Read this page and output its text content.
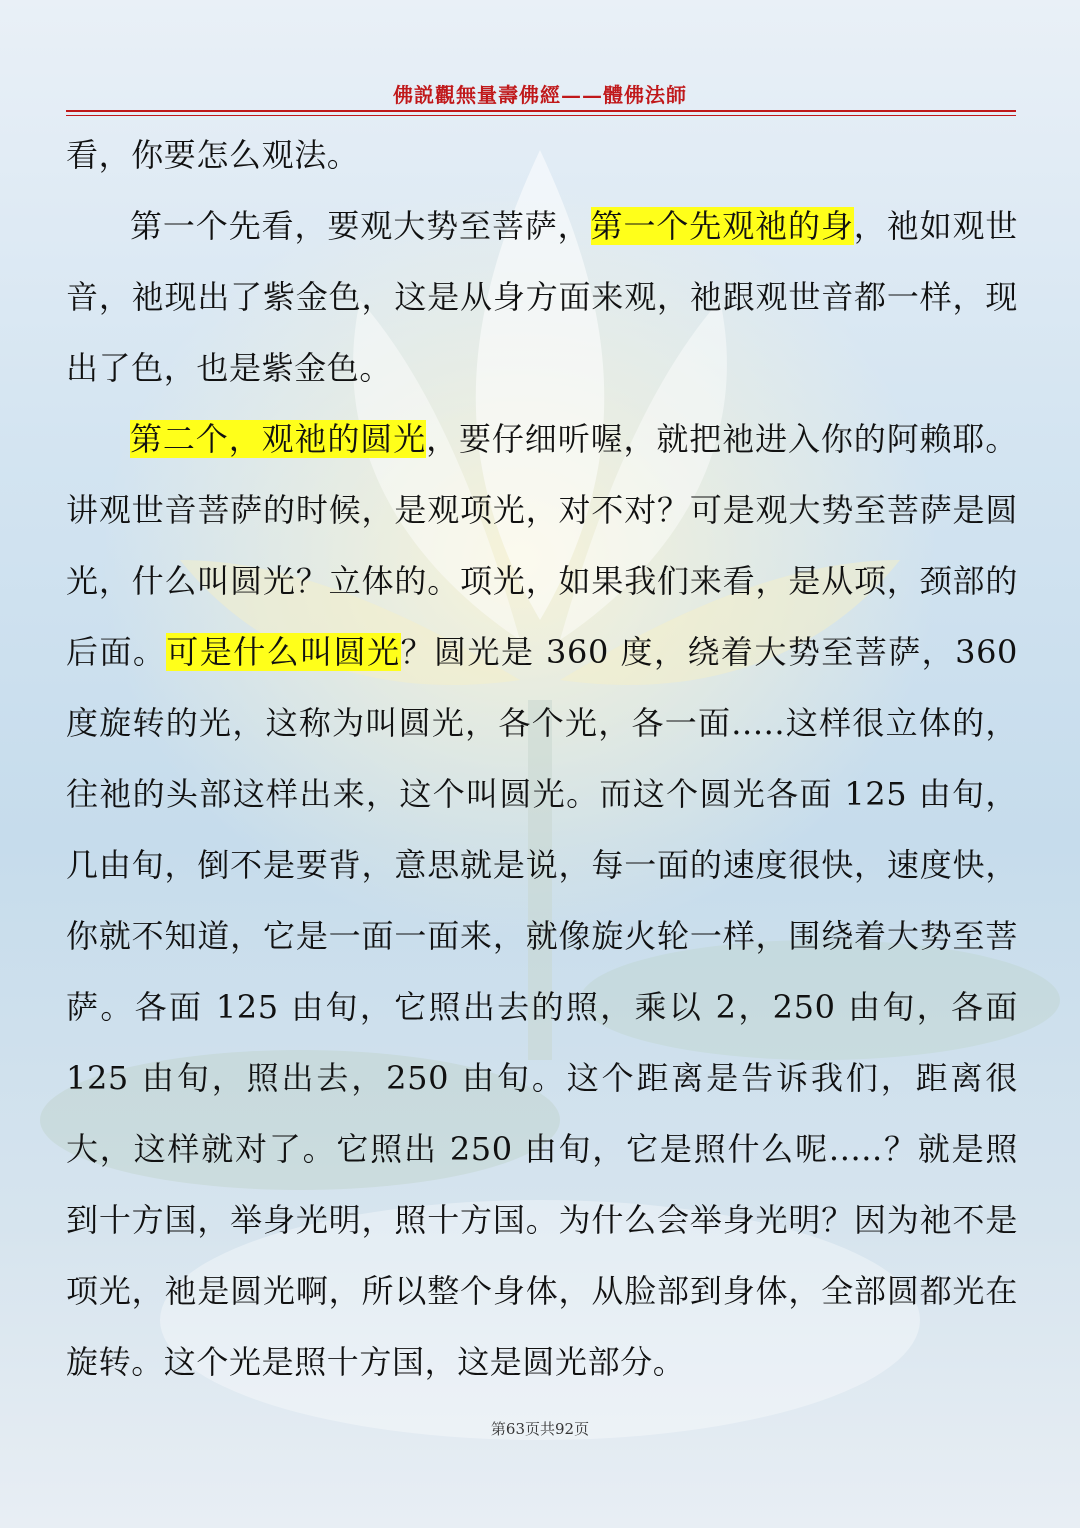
佛説觀無量壽佛經——體佛法師

看，你要怎么观法。

第一个先看，要观大势至菩萨，第一个先观祂的身，祂如观世音，祂现出了紫金色，这是从身方面来观，祂跟观世音都一样，现出了色，也是紫金色。

第二个，观祂的圆光，要仔细听喔，就把祂进入你的阿赖耶。讲观世音菩萨的时候，是观项光，对不对？可是观大势至菩萨是圆光，什么叫圆光？立体的。项光，如果我们来看，是从项，颈部的后面。可是什么叫圆光？圆光是 360 度，绕着大势至菩萨，360 度旋转的光，这称为叫圆光，各个光，各一面.....这样很立体的，往祂的头部这样出来，这个叫圆光。而这个圆光各面 125 由旬，几由旬，倒不是要背，意思就是说，每一面的速度很快，速度快，你就不知道，它是一面一面来，就像旋火轮一样，围绕着大势至菩萨。各面 125 由旬，它照出去的照，乘以 2，250 由旬，各面 125 由旬，照出去，250 由旬。这个距离是告诉我们，距离很大，这样就对了。它照出 250 由旬，它是照什么呢.....？就是照到十方国，举身光明，照十方国。为什么会举身光明？因为祂不是项光，祂是圆光啊，所以整个身体，从脸部到身体，全部圆都光在旋转。这个光是照十方国，这是圆光部分。

第63页共92页
